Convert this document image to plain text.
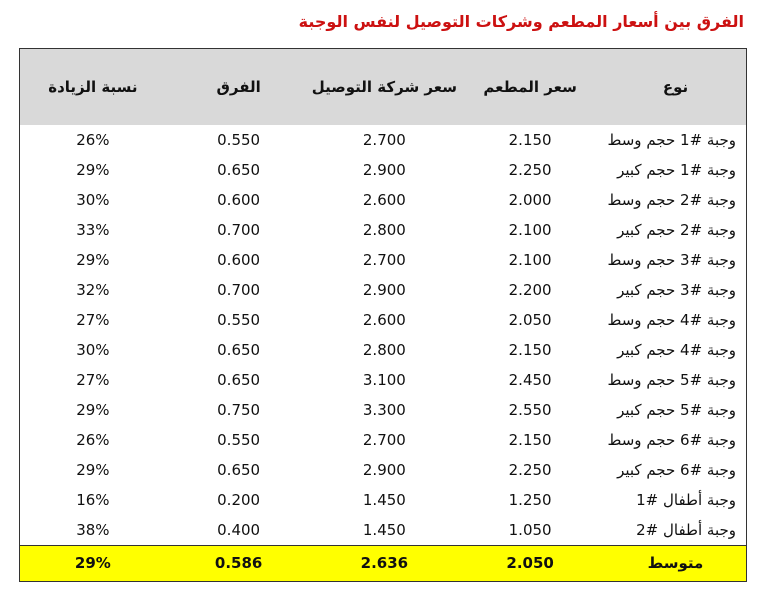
الفرق بين أسعار المطعم وشركات التوصيل لنفس الوجبة
نوع	سعر المطعم	سعر شركة التوصيل	الفرق	نسبة الزيادة
وجبة #1 حجم وسط	2.150	2.700	0.550	26%
وجبة #1 حجم كبير	2.250	2.900	0.650	29%
وجبة #2 حجم وسط	2.000	2.600	0.600	30%
وجبة #2 حجم كبير	2.100	2.800	0.700	33%
وجبة #3 حجم وسط	2.100	2.700	0.600	29%
وجبة #3 حجم كبير	2.200	2.900	0.700	32%
وجبة #4 حجم وسط	2.050	2.600	0.550	27%
وجبة #4 حجم كبير	2.150	2.800	0.650	30%
وجبة #5 حجم وسط	2.450	3.100	0.650	27%
وجبة #5 حجم كبير	2.550	3.300	0.750	29%
وجبة #6 حجم وسط	2.150	2.700	0.550	26%
وجبة #6 حجم كبير	2.250	2.900	0.650	29%
وجبة أطفال #1	1.250	1.450	0.200	16%
وجبة أطفال #2	1.050	1.450	0.400	38%
متوسط	2.050	2.636	0.586	29%
